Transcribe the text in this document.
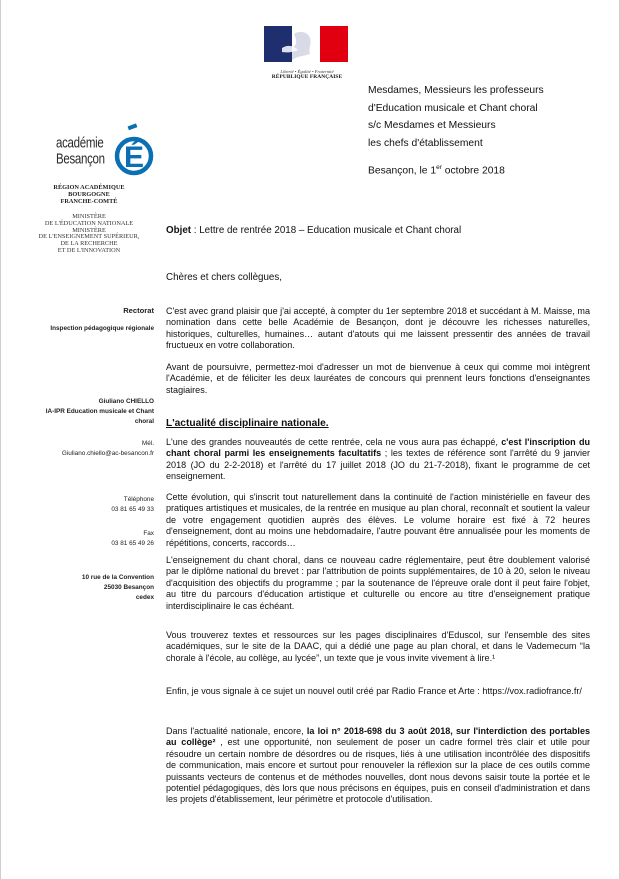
Liberté • Égalité • Fraternité
RÉPUBLIQUE FRANÇAISE
Mesdames, Messieurs les professeurs
d'Education musicale et Chant choral
s/c Mesdames et Messieurs
les chefs d'établissement
Besançon, le 1er octobre 2018
académie
Besançon É
RÉGION ACADÉMIQUE
BOURGOGNE
FRANCHE-COMTÉ
MINISTÈRE
DE L'ÉDUCATION NATIONALE
MINISTÈRE
DE L'ENSEIGNEMENT SUPÉRIEUR,
DE LA RECHERCHE
ET DE L'INNOVATION
Rectorat
Inspection pédagogique régionale
Giuliano CHIELLO
IA-IPR Education musicale et Chant
choral
Mél.
Giuliano.chiello@ac-besancon.fr
Téléphone
03 81 65 49 33
Fax
03 81 65 49 26
10 rue de la Convention
25030 Besançon
cedex
Objet : Lettre de rentrée 2018 – Education musicale et Chant choral
Chères et chers collègues,

C'est avec grand plaisir que j'ai accepté, à compter du 1er septembre 2018 et succédant à M. Maisse, ma nomination dans cette belle Académie de Besançon, dont je découvre les richesses naturelles, historiques, culturelles, humaines… autant d'atouts qui me laissent pressentir des années de travail fructueux en votre collaboration.

Avant de poursuivre, permettez-moi d'adresser un mot de bienvenue à ceux qui comme moi intègrent l'Académie, et de féliciter les deux lauréates de concours qui prennent leurs fonctions d'enseignantes stagiaires.

L'actualité disciplinaire nationale.

L'une des grandes nouveautés de cette rentrée, cela ne vous aura pas échappé, c'est l'inscription du chant choral parmi les enseignements facultatifs ; les textes de référence sont l'arrêté du 9 janvier 2018 (JO du 2-2-2018) et l'arrêté du 17 juillet 2018 (JO du 21-7-2018), fixant le programme de cet enseignement.

Cette évolution, qui s'inscrit tout naturellement dans la continuité de l'action ministérielle en faveur des pratiques artistiques et musicales, de la rentrée en musique au plan choral, reconnaît et soutient la valeur de votre engagement quotidien auprès des élèves. Le volume horaire est fixé à 72 heures d'enseignement, dont au moins une hebdomadaire, l'autre pouvant être annualisée pour les moments de répétitions, concerts, raccords…

L'enseignement du chant choral, dans ce nouveau cadre réglementaire, peut être doublement valorisé par le diplôme national du brevet : par l'attribution de points supplémentaires, de 10 à 20, selon le niveau d'acquisition des objectifs du programme ; par la soutenance de l'épreuve orale dont il peut faire l'objet, au titre du parcours d'éducation artistique et culturelle ou encore au titre d'enseignement pratique interdisciplinaire le cas échéant.

Vous trouverez textes et ressources sur les pages disciplinaires d'Eduscol, sur l'ensemble des sites académiques, sur le site de la DAAC, qui a dédié une page au plan choral, et dans le Vademecum “la chorale à l'école, au collège, au lycée”, un texte que je vous invite vivement à lire.¹

Enfin, je vous signale à ce sujet un nouvel outil créé par Radio France et Arte : https://vox.radiofrance.fr/

Dans l'actualité nationale, encore, la loi n° 2018-698 du 3 août 2018, sur l'interdiction des portables au collège² , est une opportunité, non seulement de poser un cadre formel très clair et utile pour résoudre un certain nombre de désordres ou de risques, liés à une utilisation incontrôlée des dispositifs de communication, mais encore et surtout pour renouveler la réflexion sur la place de ces outils comme puissants vecteurs de contenus et de méthodes nouvelles, dont nous devons saisir toute la portée et le potentiel pédagogiques, dès lors que nous précisons en équipes, puis en conseil d'administration et dans les projets d'établissement, leur périmètre et protocole d'utilisation.
